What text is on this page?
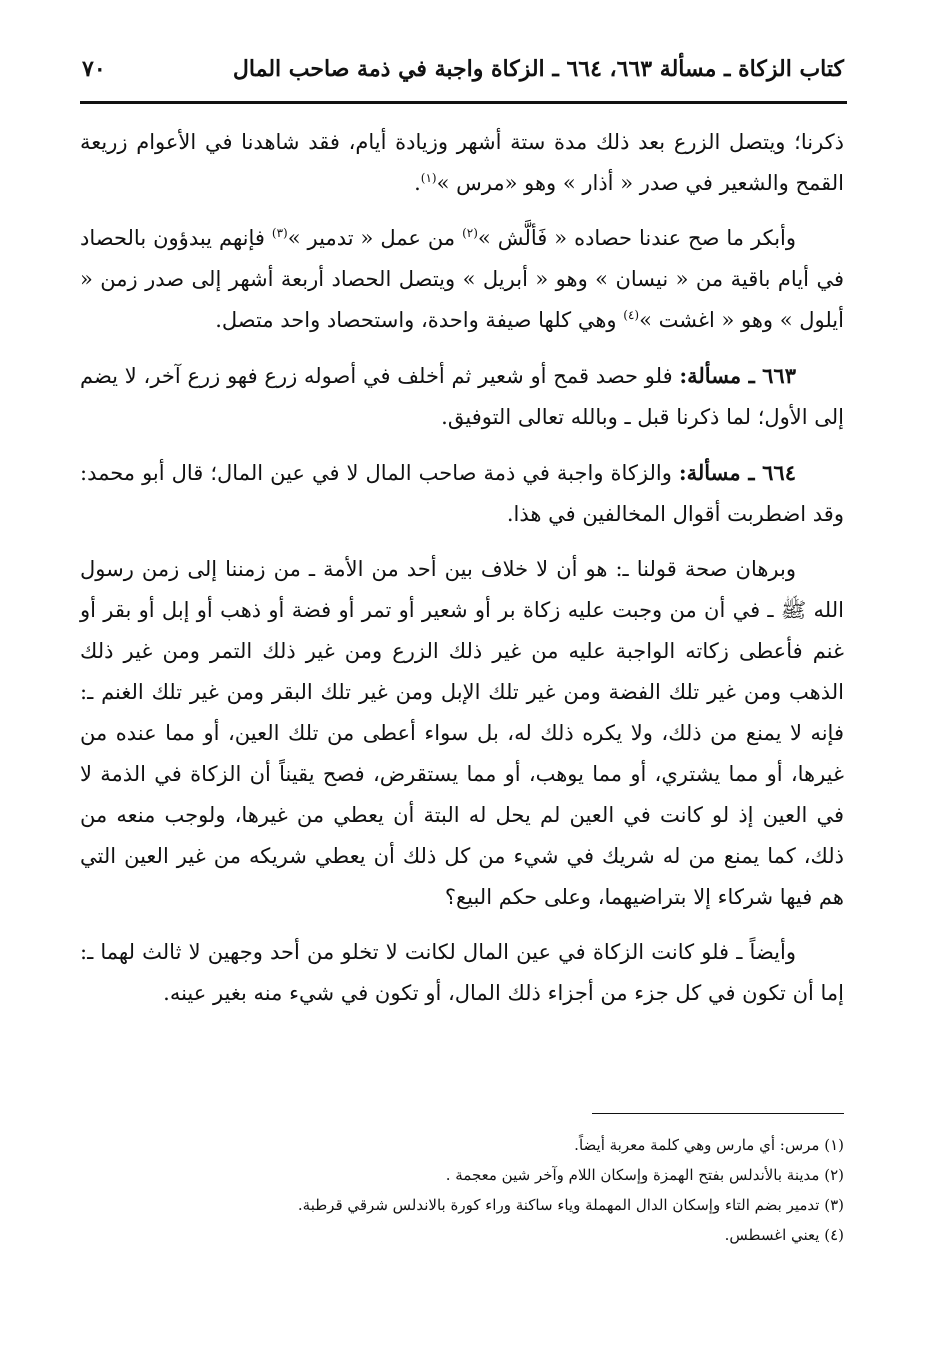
كتاب الزكاة ـ مسألة ٦٦٣، ٦٦٤ ـ الزكاة واجبة في ذمة صاحب المال
٧٠

ذكرنا؛ ويتصل الزرع بعد ذلك مدة ستة أشهر وزيادة أيام، فقد شاهدنا في الأعوام زريعة القمح والشعير في صدر « أذار » وهو «مرس »$^{(١)}$.

وأبكر ما صح عندنا حصاده « فَألَّش »$^{(٢)}$ من عمل « تدمير »$^{(٣)}$ فإنهم يبدؤون بالحصاد في أيام باقية من « نيسان » وهو « أبريل » ويتصل الحصاد أربعة أشهر إلى صدر زمن « أيلول » وهو « اغشت »$^{(٤)}$ وهي كلها صيفة واحدة، واستحصاد واحد متصل.

٦٦٣ ـ مسألة: فلو حصد قمح أو شعير ثم أخلف في أصوله زرع فهو زرع آخر، لا يضم إلى الأول؛ لما ذكرنا قبل ـ وبالله تعالى التوفيق.

٦٦٤ ـ مسألة: والزكاة واجبة في ذمة صاحب المال لا في عين المال؛ قال أبو محمد: وقد اضطربت أقوال المخالفين في هذا.

وبرهان صحة قولنا ـ: هو أن لا خلاف بين أحد من الأمة ـ من زمننا إلى زمن رسول الله ﷺ ـ في أن من وجبت عليه زكاة بر أو شعير أو تمر أو فضة أو ذهب أو إبل أو بقر أو غنم فأعطى زكاته الواجبة عليه من غير ذلك الزرع ومن غير ذلك التمر ومن غير ذلك الذهب ومن غير تلك الفضة ومن غير تلك الإبل ومن غير تلك البقر ومن غير تلك الغنم ـ: فإنه لا يمنع من ذلك، ولا يكره ذلك له، بل سواء أعطى من تلك العين، أو مما عنده من غيرها، أو مما يشتري، أو مما يوهب، أو مما يستقرض، فصح يقيناً أن الزكاة في الذمة لا في العين إذ لو كانت في العين لم يحل له البتة أن يعطي من غيرها، ولوجب منعه من ذلك، كما يمنع من له شريك في شيء من كل ذلك أن يعطي شريكه من غير العين التي هم فيها شركاء إلا بتراضيهما، وعلى حكم البيع؟

وأيضاً ـ فلو كانت الزكاة في عين المال لكانت لا تخلو من أحد وجهين لا ثالث لهما ـ: إما أن تكون في كل جزء من أجزاء ذلك المال، أو تكون في شيء منه بغير عينه.

(١) مرس: أي مارس وهي كلمة معربة أيضاً.

(٢) مدينة بالأندلس بفتح الهمزة وإسكان اللام وآخر شين معجمة .

(٣) تدمير بضم التاء وإسكان الدال المهملة وياء ساكنة وراء كورة بالاندلس شرقي قرطبة.

(٤) يعني اغسطس.
